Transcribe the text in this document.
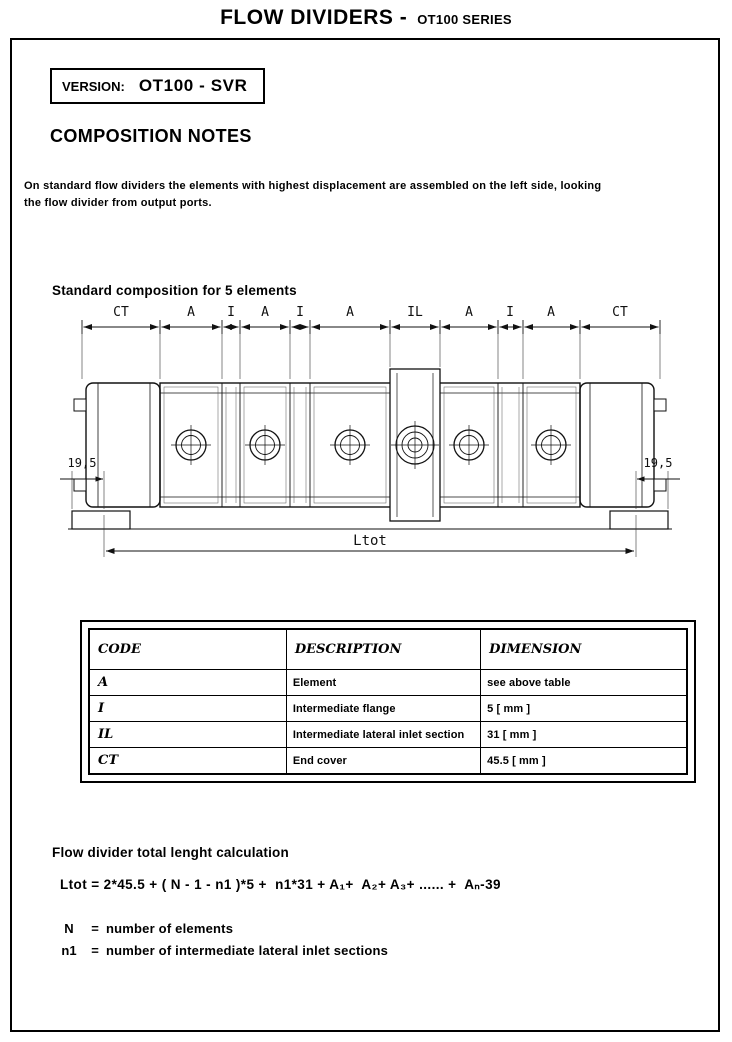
FLOW DIVIDERS - OT100 SERIES
VERSION: OT100 - SVR
COMPOSITION NOTES
On standard flow dividers the elements with highest displacement are assembled on the left side, looking
the flow divider from output ports.
Standard composition for 5 elements
CT	A I A I	A	IL	A	I	A	CT
19,5	19,5
Ltot
CODE	DESCRIPTION	DIMENSION
A	Element	see above table
I	Intermediate flange	5 [ mm ]
IL	Intermediate lateral inlet section	31 [ mm ]
CT	End cover	45.5 [ mm ]
Flow divider total lenght calculation
Ltot = 2*45.5 + ( N - 1 - n1 )*5 +  n1*31 + A₁+  A₂+ A₃+ ...... +  Aₙ-39
N	= number of elements
n1	= number of intermediate lateral inlet sections
